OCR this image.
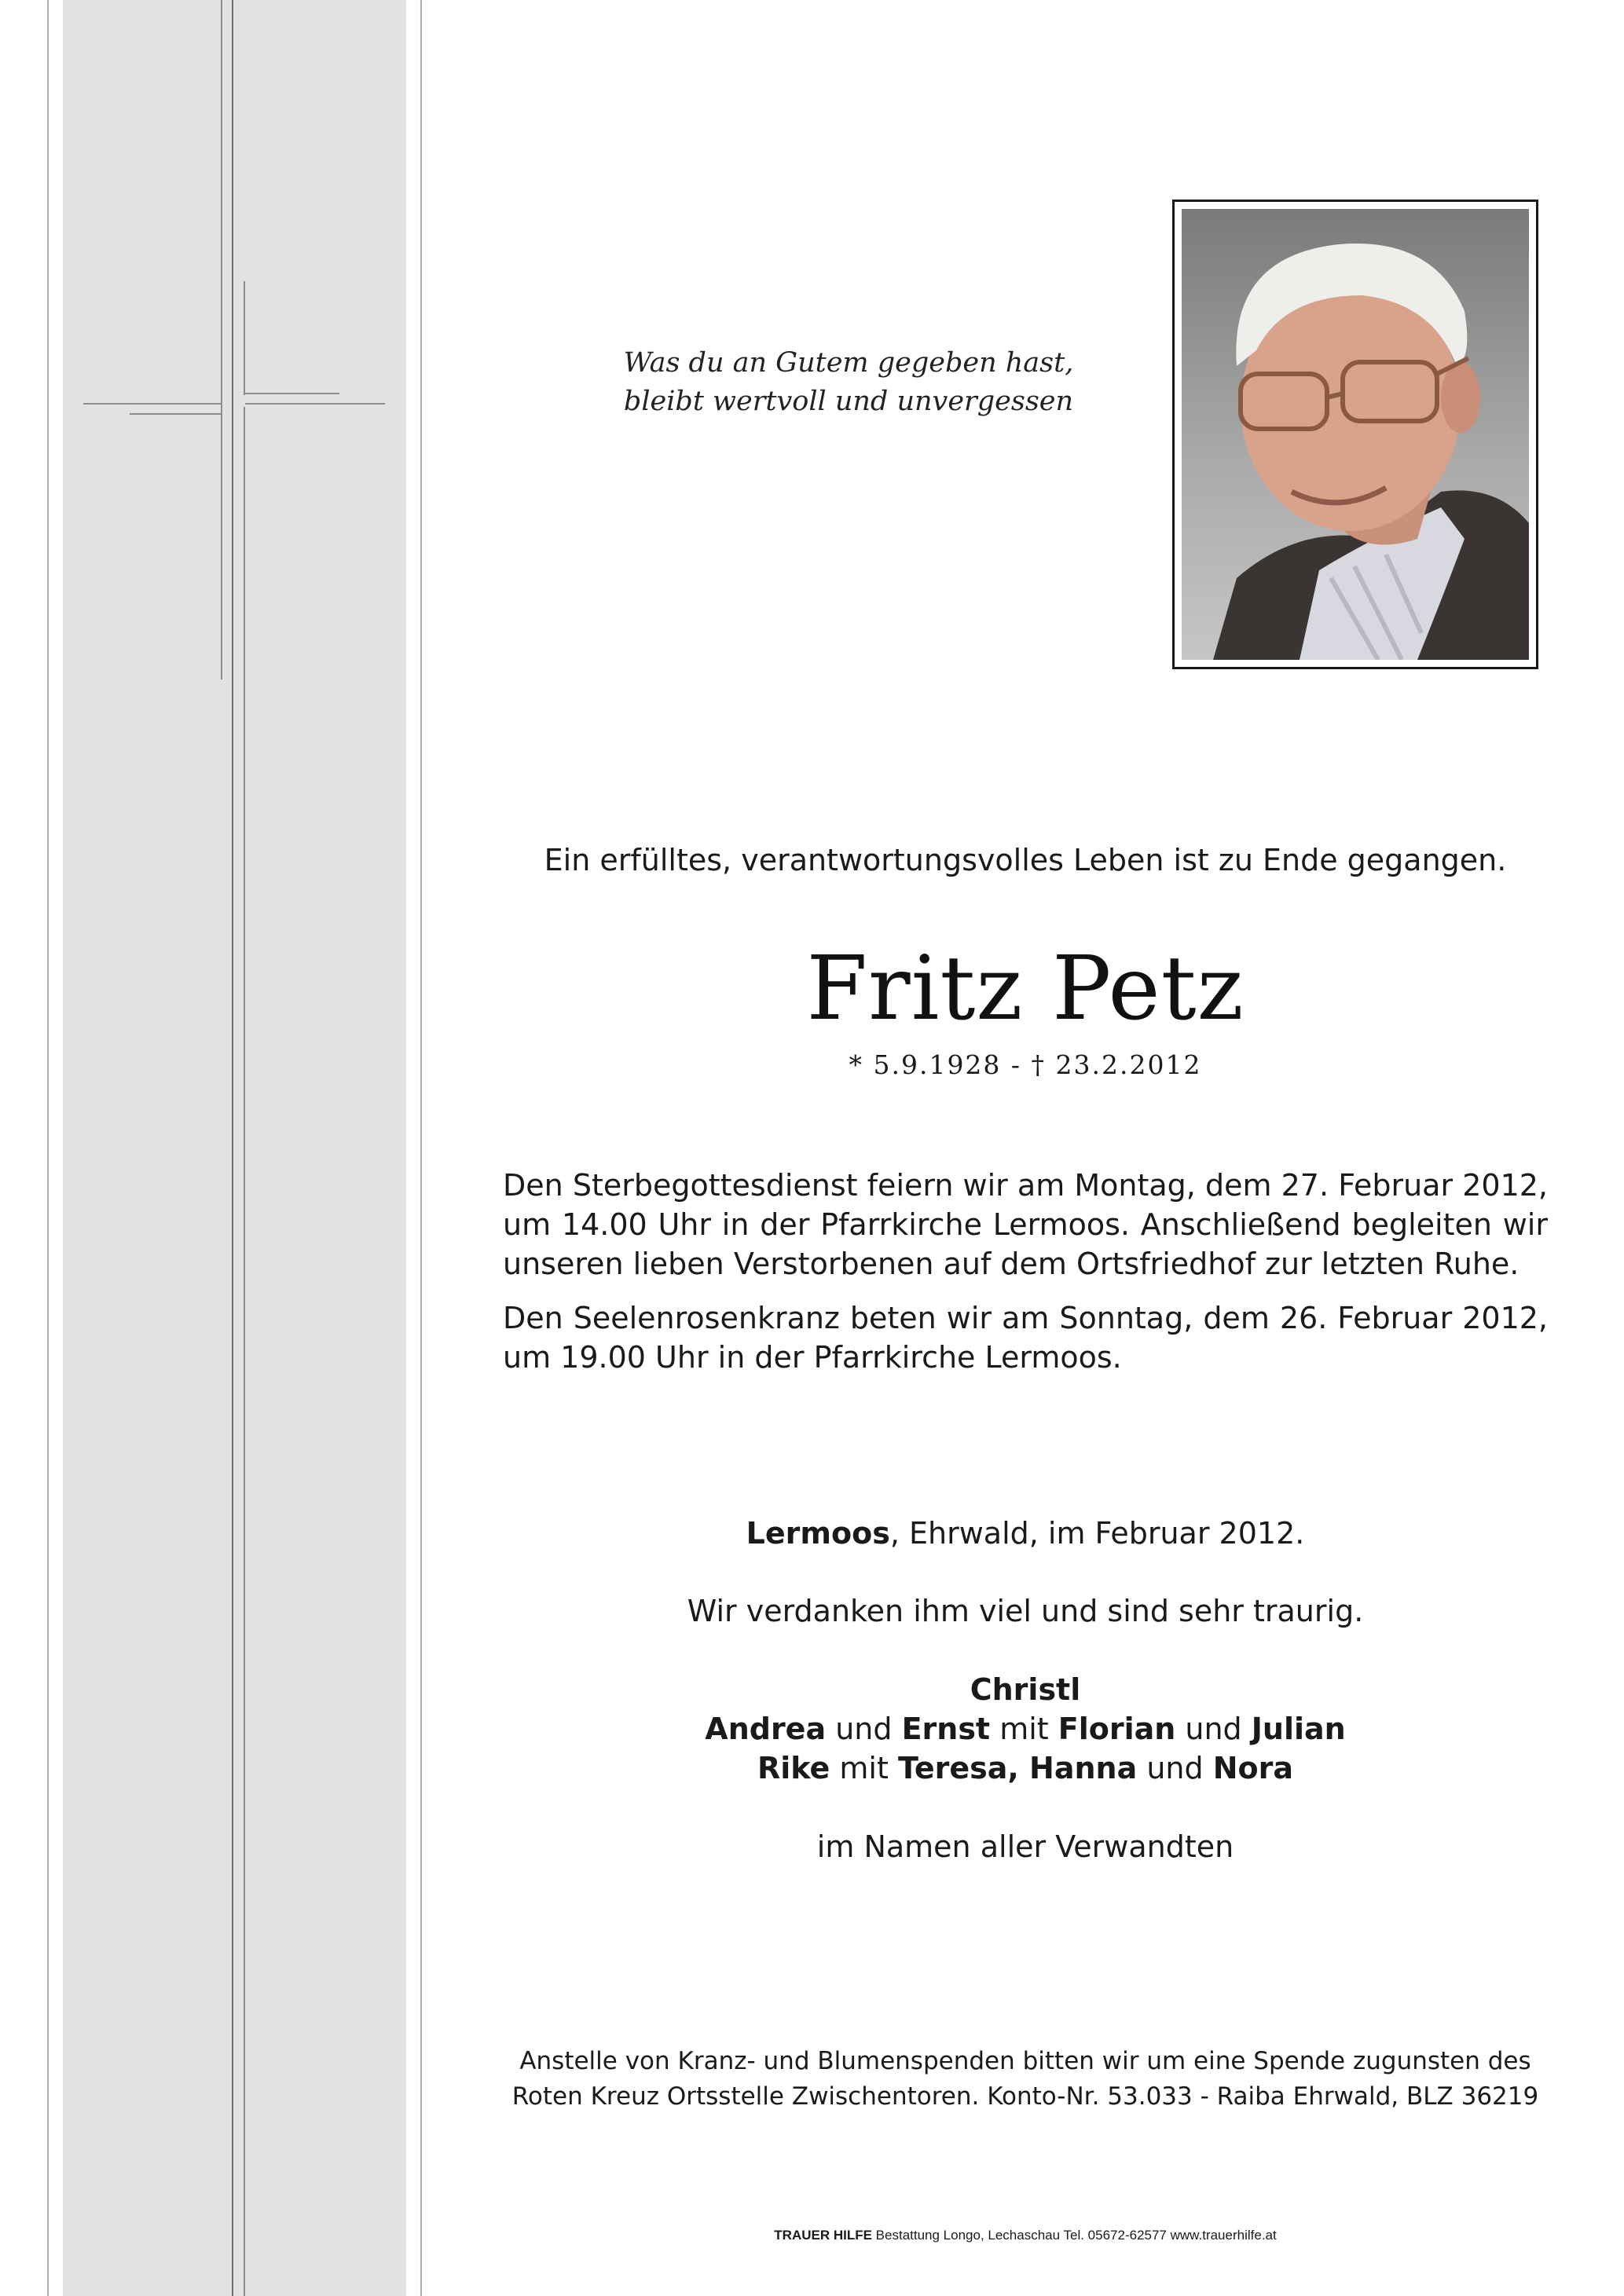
Was du an Gutem gegeben hast,
bleibt wertvoll und unvergessen
Ein erfülltes, verantwortungsvolles Leben ist zu Ende gegangen.
Fritz Petz
* 5.9.1928 - † 23.2.2012
Den Sterbegottesdienst feiern wir am Montag, dem 27. Februar 2012, um 14.00 Uhr in der Pfarrkirche Lermoos. Anschließend begleiten wir unseren lieben Verstorbenen auf dem Ortsfriedhof zur letzten Ruhe.
Den Seelenrosenkranz beten wir am Sonntag, dem 26. Februar 2012, um 19.00 Uhr in der Pfarrkirche Lermoos.
Lermoos, Ehrwald, im Februar 2012.
Wir verdanken ihm viel und sind sehr traurig.
Christl
Andrea und Ernst mit Florian und Julian
Rike mit Teresa, Hanna und Nora
im Namen aller Verwandten
Anstelle von Kranz- und Blumenspenden bitten wir um eine Spende zugunsten des
Roten Kreuz Ortsstelle Zwischentoren. Konto-Nr. 53.033 - Raiba Ehrwald, BLZ 36219
TRAUER HILFE Bestattung Longo, Lechaschau Tel. 05672-62577 www.trauerhilfe.at
